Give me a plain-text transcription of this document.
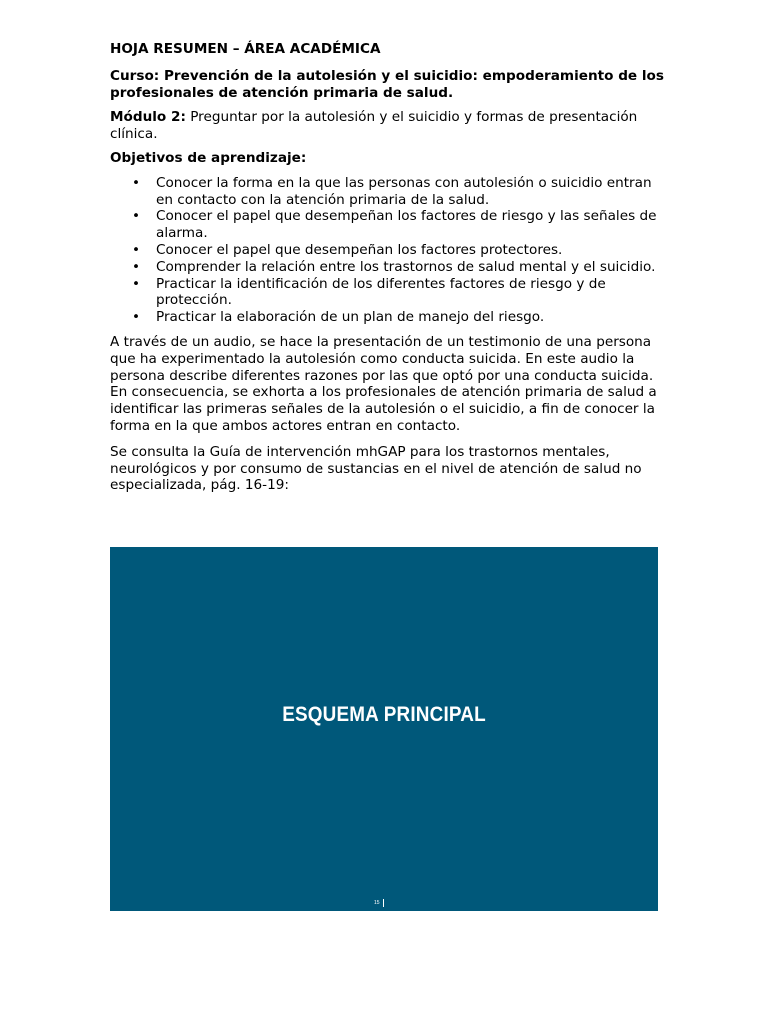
HOJA RESUMEN – ÁREA ACADÉMICA

Curso: Prevención de la autolesión y el suicidio: empoderamiento de los profesionales de atención primaria de salud.

Módulo 2: Preguntar por la autolesión y el suicidio y formas de presentación clínica.

Objetivos de aprendizaje:

• Conocer la forma en la que las personas con autolesión o suicidio entran en contacto con la atención primaria de la salud.
• Conocer el papel que desempeñan los factores de riesgo y las señales de alarma.
• Conocer el papel que desempeñan los factores protectores.
• Comprender la relación entre los trastornos de salud mental y el suicidio.
• Practicar la identificación de los diferentes factores de riesgo y de protección.
• Practicar la elaboración de un plan de manejo del riesgo.

A través de un audio, se hace la presentación de un testimonio de una persona que ha experimentado la autolesión como conducta suicida. En este audio la persona describe diferentes razones por las que optó por una conducta suicida. En consecuencia, se exhorta a los profesionales de atención primaria de salud a identificar las primeras señales de la autolesión o el suicidio, a fin de conocer la forma en la que ambos actores entran en contacto.

Se consulta la Guía de intervención mhGAP para los trastornos mentales, neurológicos y por consumo de sustancias en el nivel de atención de salud no especializada, pág. 16-19:

ESQUEMA PRINCIPAL
15
